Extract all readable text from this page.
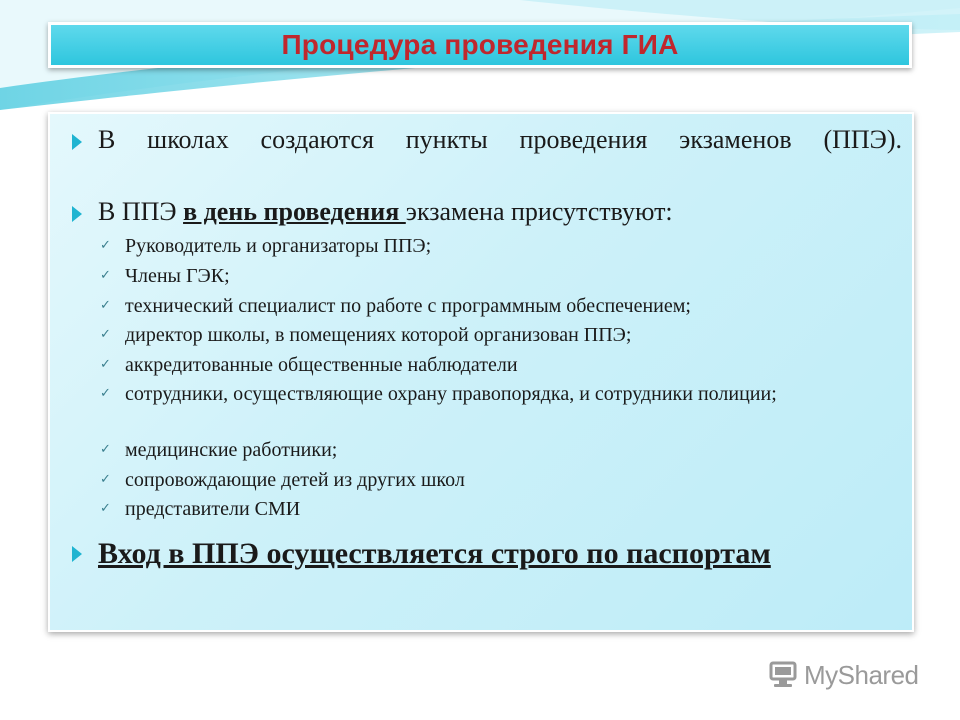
Процедура проведения ГИА
В школах создаются пункты проведения экзаменов (ППЭ).
В ППЭ в день проведения экзамена присутствуют:
✓ Руководитель и организаторы ППЭ;
✓ Члены ГЭК;
✓ технический специалист по работе с программным обеспечением;
✓ директор школы, в помещениях которой организован ППЭ;
✓ аккредитованные общественные наблюдатели
✓ сотрудники, осуществляющие охрану правопорядка, и сотрудники полиции;
✓ медицинские работники;
✓ сопровождающие детей из других школ
✓ представители СМИ
Вход в ППЭ осуществляется строго по паспортам
MyShared
